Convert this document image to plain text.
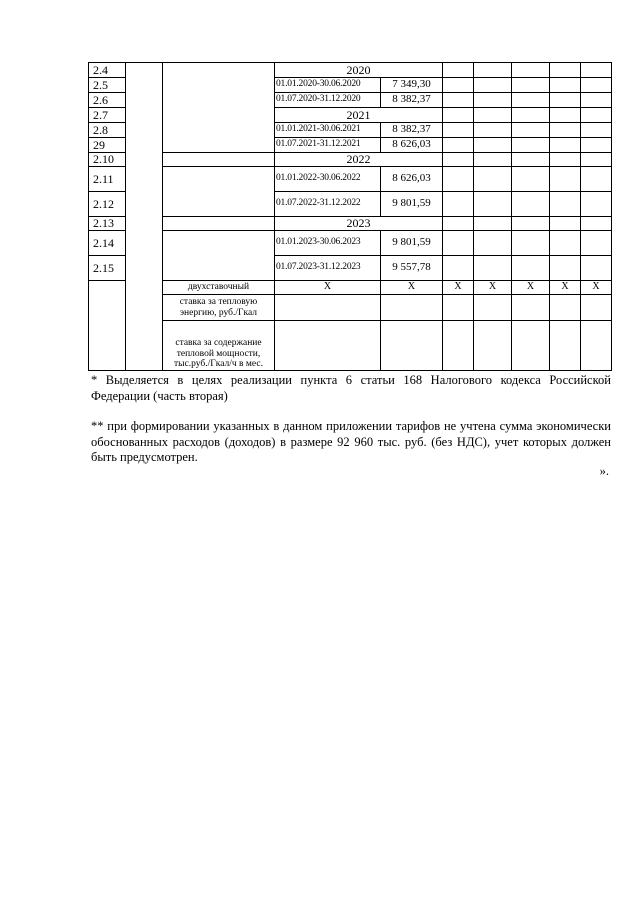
2.4			2020						
2.5			01.01.2020-30.06.2020	7 349,30					
2.6			01.07.2020-31.12.2020	8 382,37					
2.7			2021						
2.8			01.01.2021-30.06.2021	8 382,37					
29			01.07.2021-31.12.2021	8 626,03					
2.10			2022						
2.11			01.01.2022-30.06.2022	8 626,03					
2.12			01.07.2022-31.12.2022	9 801,59					
2.13			2023						
2.14			01.01.2023-30.06.2023	9 801,59					
2.15			01.07.2023-31.12.2023	9 557,78					
		двухставочный	Х	Х	Х	Х	Х	Х	Х
		ставка за тепловую энергию, руб./Гкал							
		ставка за содержание тепловой мощности, тыс.руб./Гкал/ч в мес.							
* Выделяется в целях реализации пункта 6 статьи 168 Налогового кодекса Российской Федерации (часть вторая)
** при формировании указанных в данном приложении тарифов не учтена сумма экономически обоснованных расходов (доходов) в размере 92 960 тыс. руб. (без НДС), учет которых должен быть предусмотрен.
».
